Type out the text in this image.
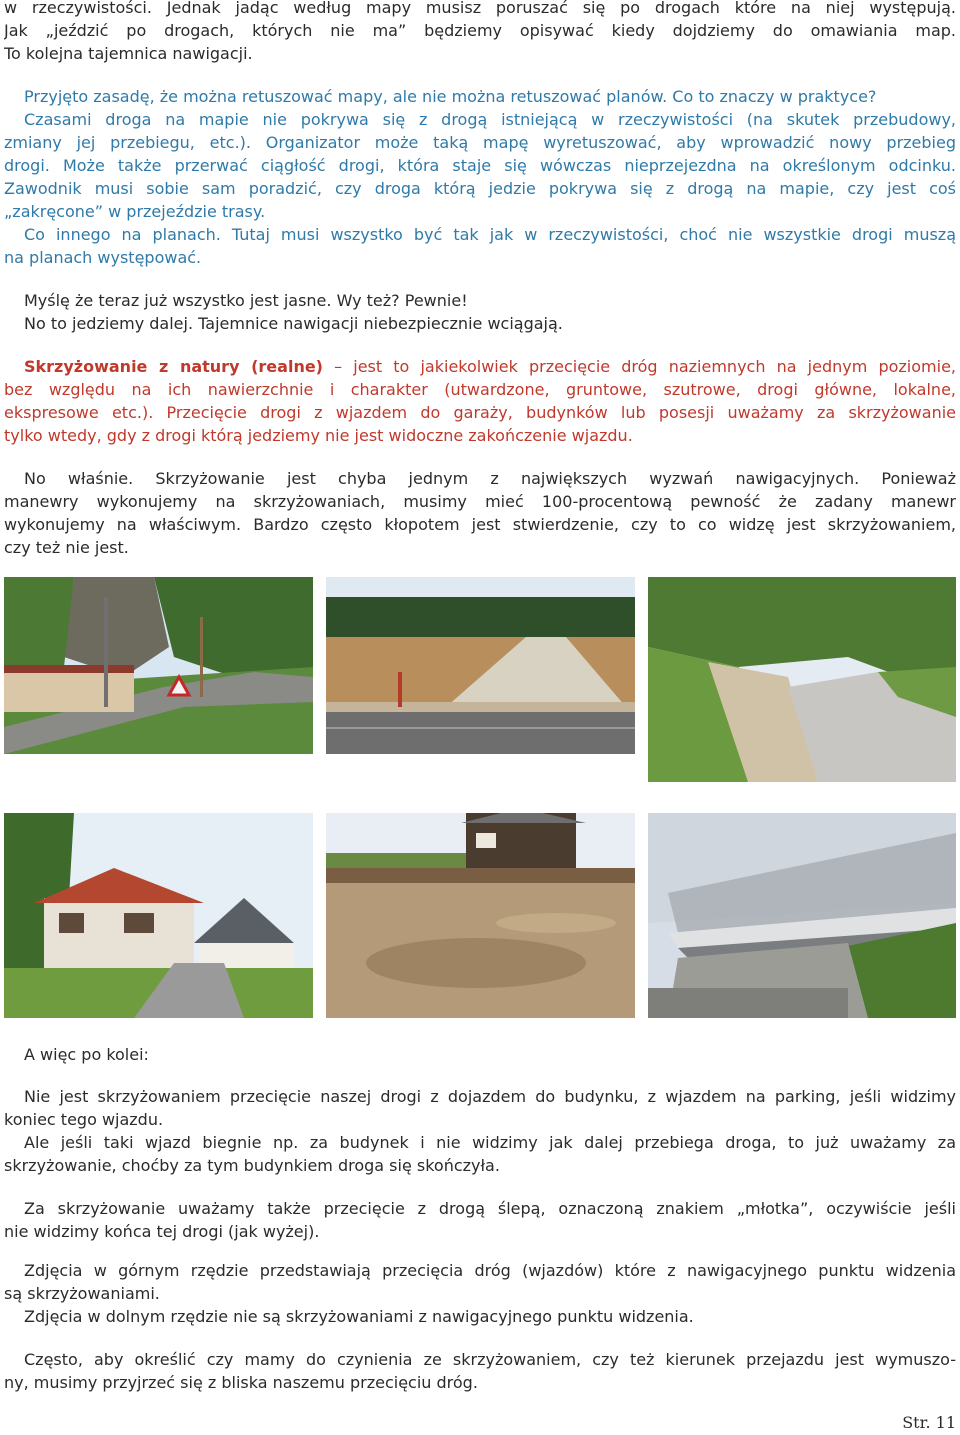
w rzeczywistości. Jednak jadąc według mapy musisz poruszać się po drogach które na niej występują.
Jak „jeździć po drogach, których nie ma” będziemy opisywać kiedy dojdziemy do omawiania map.
To kolejna tajemnica nawigacji.
Przyjęto zasadę, że można retuszować mapy, ale nie można retuszować planów. Co to znaczy w praktyce?
Czasami droga na mapie nie pokrywa się z drogą istniejącą w rzeczywistości (na skutek przebudowy,
zmiany jej przebiegu, etc.). Organizator może taką mapę wyretuszować, aby wprowadzić nowy przebieg
drogi. Może także przerwać ciągłość drogi, która staje się wówczas nieprzejezdna na określonym odcinku.
Zawodnik musi sobie sam poradzić, czy droga którą jedzie pokrywa się z drogą na mapie, czy jest coś
„zakręcone” w przejeździe trasy.
Co innego na planach. Tutaj musi wszystko być tak jak w rzeczywistości, choć nie wszystkie drogi muszą
na planach występować.
Myślę że teraz już wszystko jest jasne. Wy też? Pewnie!
No to jedziemy dalej. Tajemnice nawigacji niebezpiecznie wciągają.
Skrzyżowanie z natury (realne) – jest to jakiekolwiek przecięcie dróg naziemnych na jednym poziomie,
bez względu na ich nawierzchnie i charakter (utwardzone, gruntowe, szutrowe, drogi główne, lokalne,
ekspresowe etc.). Przecięcie drogi z wjazdem do garaży, budynków lub posesji uważamy za skrzyżowanie
tylko wtedy, gdy z drogi którą jedziemy nie jest widoczne zakończenie wjazdu.
No właśnie. Skrzyżowanie jest chyba jednym z największych wyzwań nawigacyjnych. Ponieważ
manewry wykonujemy na skrzyżowaniach, musimy mieć 100-procentową pewność że zadany manewr
wykonujemy na właściwym. Bardzo często kłopotem jest stwierdzenie, czy to co widzę jest skrzyżowaniem,
czy też nie jest.
A więc po kolei:
Nie jest skrzyżowaniem przecięcie naszej drogi z dojazdem do budynku, z wjazdem na parking, jeśli widzimy
koniec tego wjazdu.
Ale jeśli taki wjazd biegnie np. za budynek i nie widzimy jak dalej przebiega droga, to już uważamy za
skrzyżowanie, choćby za tym budynkiem droga się skończyła.
Za skrzyżowanie uważamy także przecięcie z drogą ślepą, oznaczoną znakiem „młotka”, oczywiście jeśli
nie widzimy końca tej drogi (jak wyżej).
Zdjęcia w górnym rzędzie przedstawiają przecięcia dróg (wjazdów) które z nawigacyjnego punktu widzenia
są skrzyżowaniami.
Zdjęcia w dolnym rzędzie nie są skrzyżowaniami z nawigacyjnego punktu widzenia.
Często, aby określić czy mamy do czynienia ze skrzyżowaniem, czy też kierunek przejazdu jest wymuszo-
ny, musimy przyjrzeć się z bliska naszemu przecięciu dróg.
Str. 11
